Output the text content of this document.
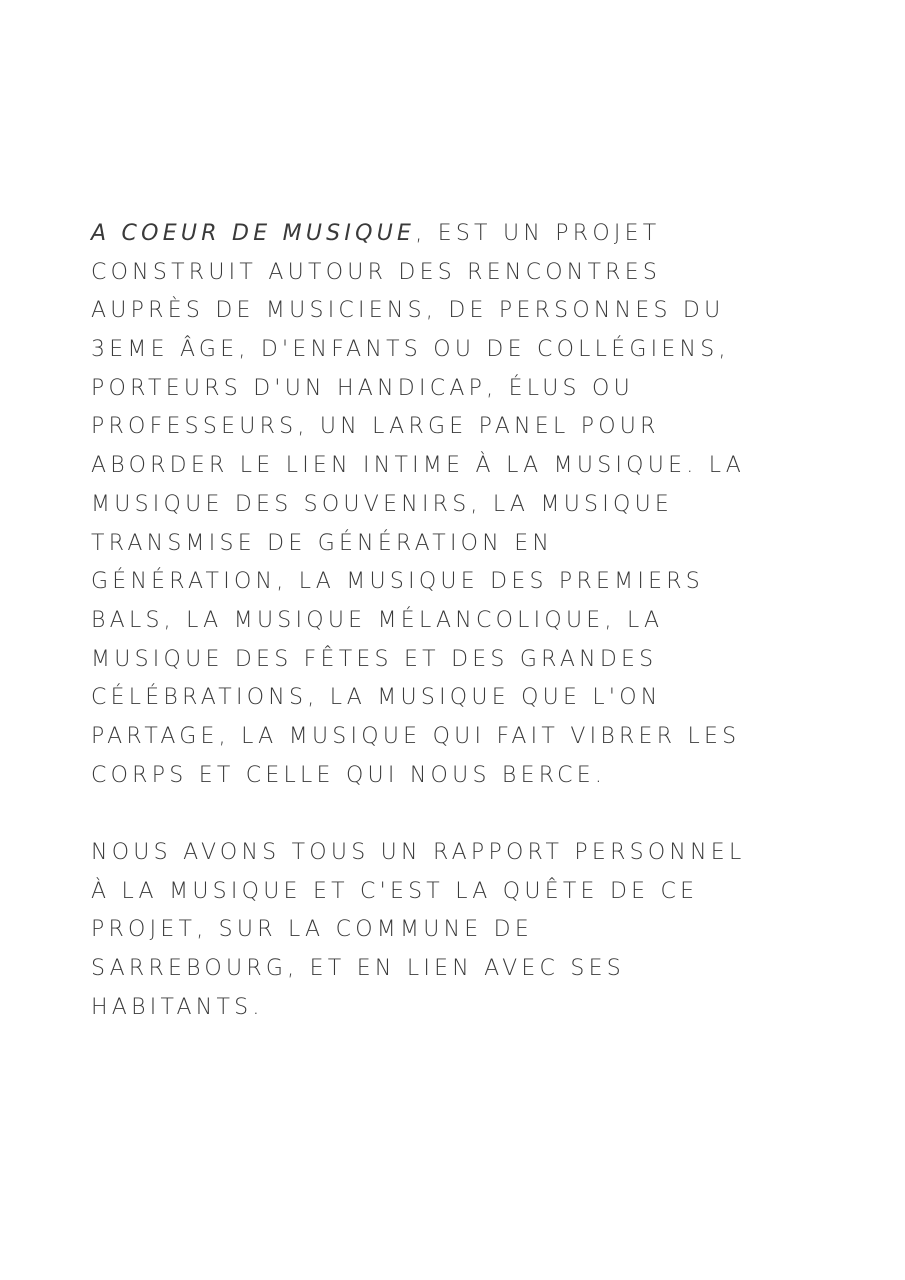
A COEUR DE MUSIQUE, EST UN PROJET
CONSTRUIT AUTOUR DES RENCONTRES
AUPRÈS DE MUSICIENS, DE PERSONNES DU
3EME ÂGE, D'ENFANTS OU DE COLLÉGIENS,
PORTEURS D'UN HANDICAP, ÉLUS OU
PROFESSEURS, UN LARGE PANEL POUR
ABORDER LE LIEN INTIME À LA MUSIQUE. LA
MUSIQUE DES SOUVENIRS, LA MUSIQUE
TRANSMISE DE GÉNÉRATION EN
GÉNÉRATION, LA MUSIQUE DES PREMIERS
BALS, LA MUSIQUE MÉLANCOLIQUE, LA
MUSIQUE DES FÊTES ET DES GRANDES
CÉLÉBRATIONS, LA MUSIQUE QUE L'ON
PARTAGE, LA MUSIQUE QUI FAIT VIBRER LES
CORPS ET CELLE QUI NOUS BERCE.
NOUS AVONS TOUS UN RAPPORT PERSONNEL
À LA MUSIQUE ET C'EST LA QUÊTE DE CE
PROJET, SUR LA COMMUNE DE
SARREBOURG, ET EN LIEN AVEC SES
HABITANTS.
